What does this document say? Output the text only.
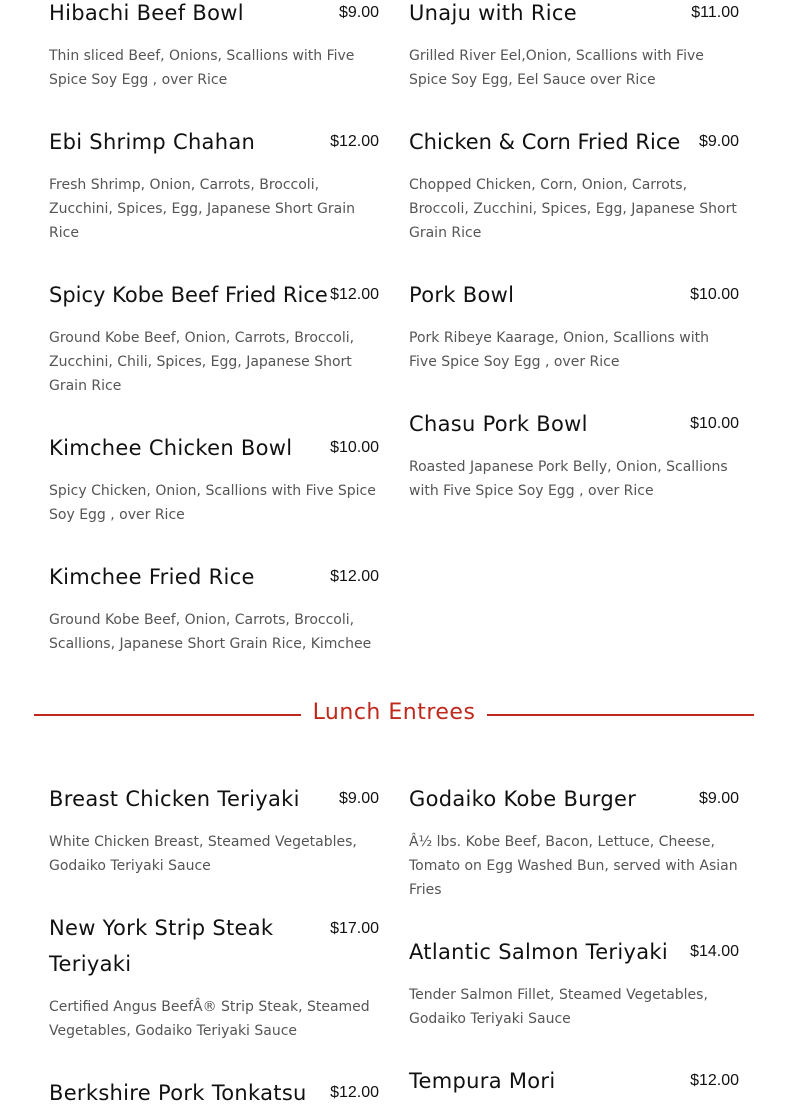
Hibachi Beef Bowl	$9.00
Thin sliced Beef, Onions, Scallions with Five Spice Soy Egg , over Rice
Ebi Shrimp Chahan	$12.00
Fresh Shrimp, Onion, Carrots, Broccoli, Zucchini, Spices, Egg, Japanese Short Grain Rice
Spicy Kobe Beef Fried Rice $12.00
Ground Kobe Beef, Onion, Carrots, Broccoli, Zucchini, Chili, Spices, Egg, Japanese Short Grain Rice
Kimchee Chicken Bowl $10.00
Spicy Chicken, Onion, Scallions with Five Spice Soy Egg , over Rice
Kimchee Fried Rice	$12.00
Ground Kobe Beef, Onion, Carrots, Broccoli, Scallions, Japanese Short Grain Rice, Kimchee
Unaju with Rice	$11.00
Grilled River Eel,Onion, Scallions with Five Spice Soy Egg, Eel Sauce over Rice
Chicken & Corn Fried Rice $9.00
Chopped Chicken, Corn, Onion, Carrots, Broccoli, Zucchini, Spices, Egg, Japanese Short Grain Rice
Pork Bowl	$10.00
Pork Ribeye Kaarage, Onion, Scallions with Five Spice Soy Egg , over Rice
Chasu Pork Bowl	$10.00
Roasted Japanese Pork Belly, Onion, Scallions with Five Spice Soy Egg , over Rice
Lunch Entrees
Breast Chicken Teriyaki $9.00
White Chicken Breast, Steamed Vegetables, Godaiko Teriyaki Sauce
New York Strip Steak Teriyaki
$17.00
Certified Angus BeefÂ® Strip Steak, Steamed Vegetables, Godaiko Teriyaki Sauce
Berkshire Pork Tonkatsu $12.00
Godaiko Kobe Burger	$9.00
Â½ lbs. Kobe Beef, Bacon, Lettuce, Cheese, Tomato on Egg Washed Bun, served with Asian Fries
Atlantic Salmon Teriyaki $14.00
Tender Salmon Fillet, Steamed Vegetables, Godaiko Teriyaki Sauce
Tempura Mori	$12.00
